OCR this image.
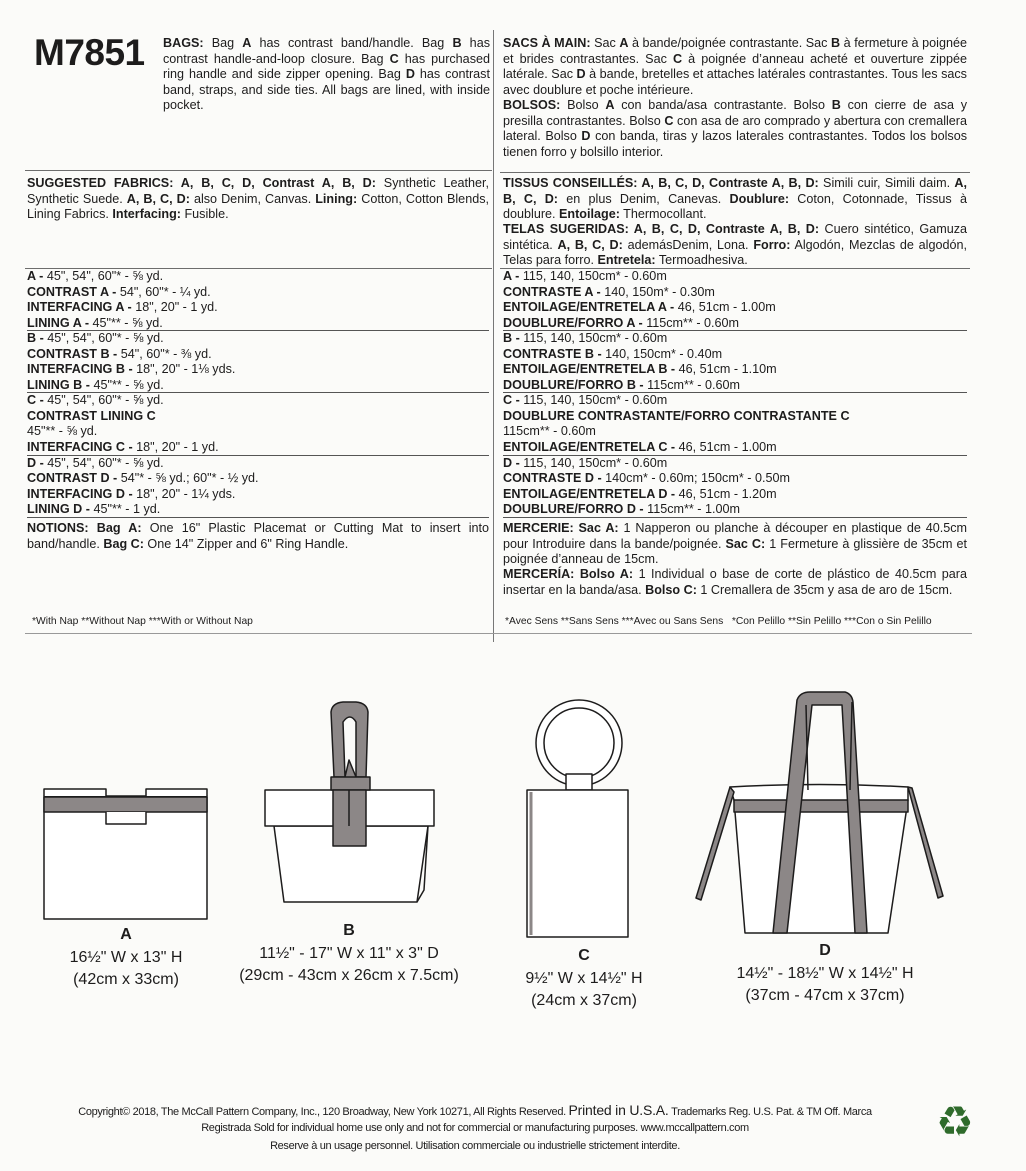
M7851 BAGS: Bag A has contrast band/handle. Bag B has contrast handle-and-loop closure. Bag C has purchased ring handle and side zipper opening. Bag D has contrast band, straps, and side ties. All bags are lined, with inside pocket.
SUGGESTED FABRICS: A, B, C, D, Contrast A, B, D: Synthetic Leather, Synthetic Suede. A, B, C, D: also Denim, Canvas. Lining: Cotton, Cotton Blends, Lining Fabrics. Interfacing: Fusible.
A - 45", 54", 60"* - ⅝ yd.
CONTRAST A - 54", 60"* - ¼ yd.
INTERFACING A - 18", 20" - 1 yd.
LINING A - 45"** - ⅝ yd.
B - 45", 54", 60"* - ⅝ yd.
CONTRAST B - 54", 60"* - ⅜ yd.
INTERFACING B - 18", 20" - 1⅛ yds.
LINING B - 45"** - ⅝ yd.
C - 45", 54", 60"* - ⅝ yd.
CONTRAST LINING C
45"** - ⅝ yd.
INTERFACING C - 18", 20" - 1 yd.
D - 45", 54", 60"* - ⅝ yd.
CONTRAST D - 54"* - ⅝ yd.; 60"* - ½ yd.
INTERFACING D - 18", 20" - 1¼ yds.
LINING D - 45"** - 1 yd.
NOTIONS: Bag A: One 16" Plastic Placemat or Cutting Mat to insert into band/handle. Bag C: One 14" Zipper and 6" Ring Handle.
*With Nap **Without Nap ***With or Without Nap
SACS À MAIN: Sac A à bande/poignée contrastante. Sac B à fermeture à poignée et brides contrastantes. Sac C à poignée d’anneau acheté et ouverture zippée latérale. Sac D à bande, bretelles et attaches latérales contrastantes. Tous les sacs avec doublure et poche intérieure.
BOLSOS: Bolso A con banda/asa contrastante. Bolso B con cierre de asa y presilla contrastantes. Bolso C con asa de aro comprado y abertura con cremallera lateral. Bolso D con banda, tiras y lazos laterales contrastantes. Todos los bolsos tienen forro y bolsillo interior.
TISSUS CONSEILLÉS: A, B, C, D, Contraste A, B, D: Simili cuir, Simili daim. A, B, C, D: en plus Denim, Canevas. Doublure: Coton, Cotonnade, Tissus à doublure. Entoilage: Thermocollant.
TELAS SUGERIDAS: A, B, C, D, Contraste A, B, D: Cuero sintético, Gamuza sintética. A, B, C, D: ademásDenim, Lona. Forro: Algodón, Mezclas de algodón, Telas para forro. Entretela: Termoadhesiva.
A - 115, 140, 150cm* - 0.60m
CONTRASTE A - 140, 150m* - 0.30m
ENTOILAGE/ENTRETELA A - 46, 51cm - 1.00m
DOUBLURE/FORRO A - 115cm** - 0.60m
B - 115, 140, 150cm* - 0.60m
CONTRASTE B - 140, 150cm* - 0.40m
ENTOILAGE/ENTRETELA B - 46, 51cm - 1.10m
DOUBLURE/FORRO B - 115cm** - 0.60m
C - 115, 140, 150cm* - 0.60m
DOUBLURE CONTRASTANTE/FORRO CONTRASTANTE C
115cm** - 0.60m
ENTOILAGE/ENTRETELA C - 46, 51cm - 1.00m
D - 115, 140, 150cm* - 0.60m
CONTRASTE D - 140cm* - 0.60m; 150cm* - 0.50m
ENTOILAGE/ENTRETELA D - 46, 51cm - 1.20m
DOUBLURE/FORRO D - 115cm** - 1.00m
MERCERIE: Sac A: 1 Napperon ou planche à découper en plastique de 40.5cm pour Introduire dans la bande/poignée. Sac C: 1 Fermeture à glissière de 35cm et poignée d’anneau de 15cm.
MERCERÍA: Bolso A: 1 Individual o base de corte de plástico de 40.5cm para insertar en la banda/asa. Bolso C: 1 Cremallera de 35cm y asa de aro de 15cm.
*Avec Sens **Sans Sens ***Avec ou Sans Sens   *Con Pelillo **Sin Pelillo ***Con o Sin Pelillo
A
16½" W x 13" H
(42cm x 33cm)
B
11½" - 17" W x 11" x 3" D
(29cm - 43cm x 26cm x 7.5cm)
C
9½" W x 14½" H
(24cm x 37cm)
D
14½" - 18½" W x 14½" H
(37cm - 47cm x 37cm)
Copyright© 2018, The McCall Pattern Company, Inc., 120 Broadway, New York 10271, All Rights Reserved. Printed in U.S.A. Trademarks Reg. U.S. Pat. & TM Off. Marca
Registrada Sold for individual home use only and not for commercial or manufacturing purposes. www.mccallpattern.com
Reserve à un usage personnel. Utilisation commerciale ou industrielle strictement interdite.	♻
